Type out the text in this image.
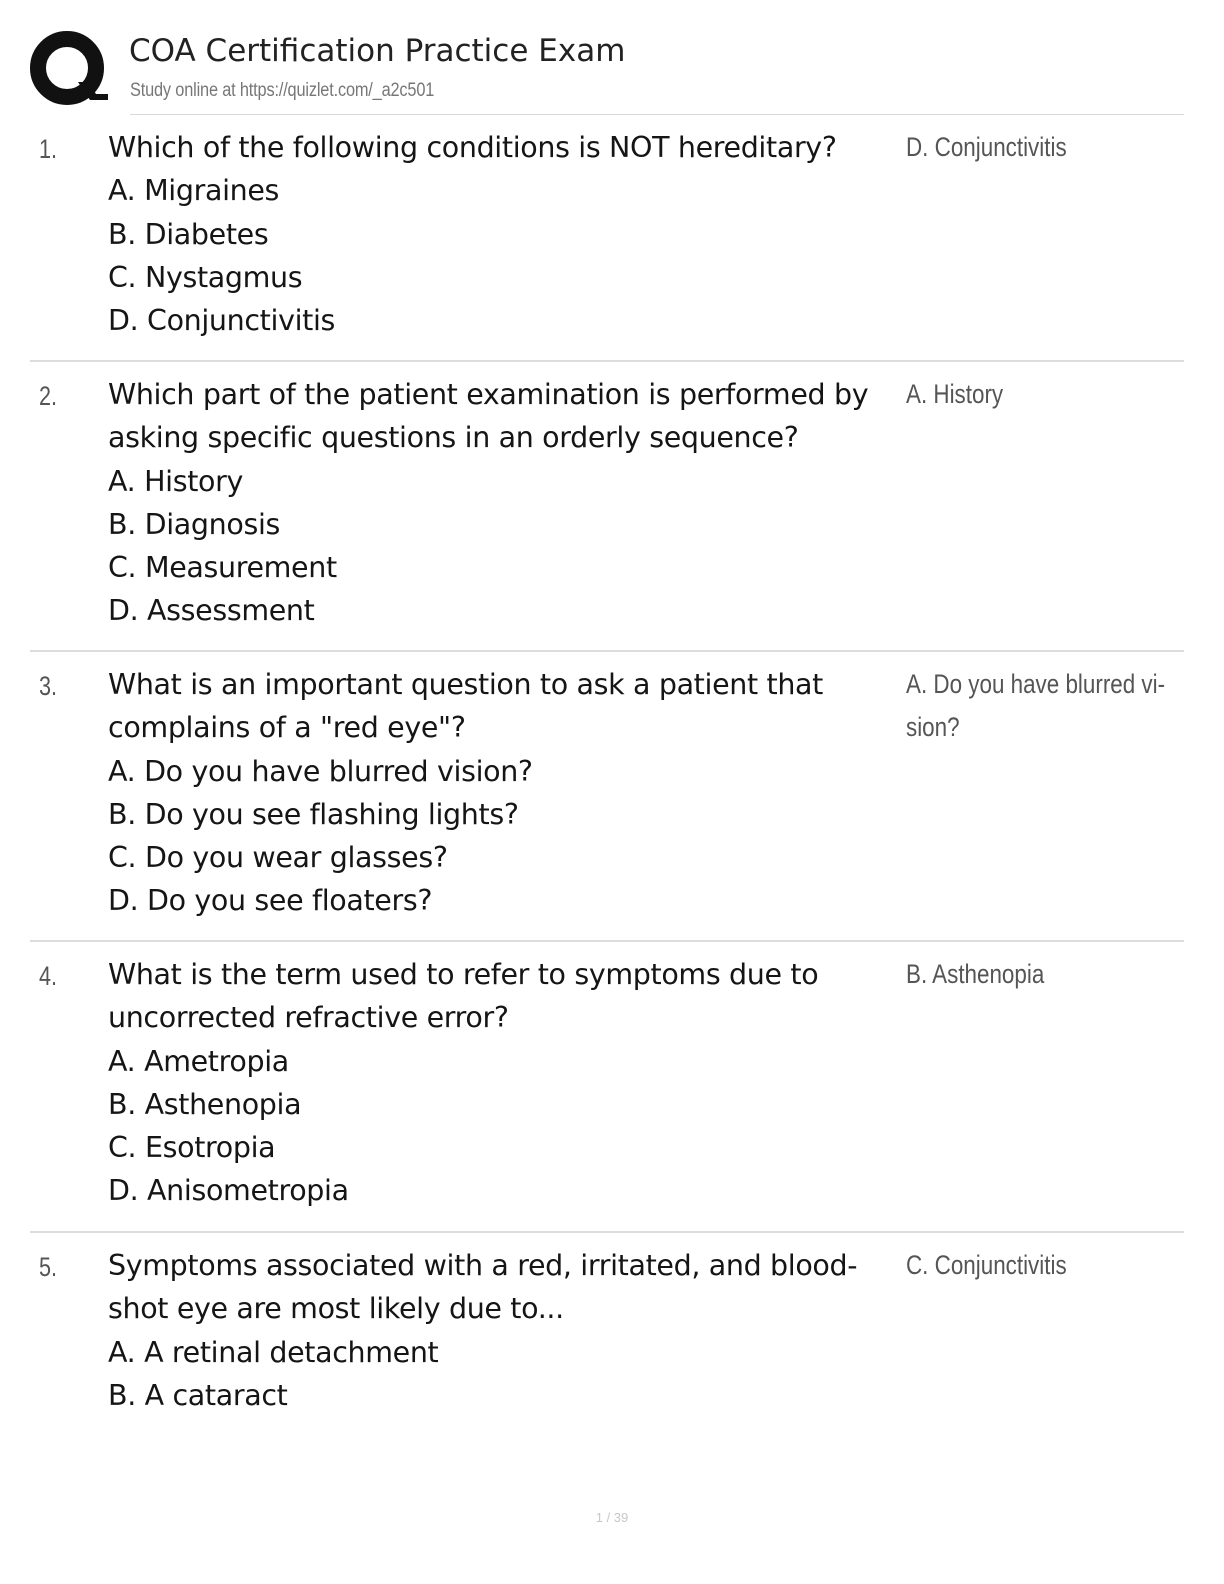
COA Certification Practice Exam
Study online at https://quizlet.com/_a2c501
1. Which of the following conditions is NOT hereditary?
A. Migraines
B. Diabetes
C. Nystagmus
D. Conjunctivitis
D. Conjunctivitis
2. Which part of the patient examination is performed by
asking specific questions in an orderly sequence?
A. History
B. Diagnosis
C. Measurement
D. Assessment
A. History
3. What is an important question to ask a patient that
complains of a "red eye"?
A. Do you have blurred vision?
B. Do you see flashing lights?
C. Do you wear glasses?
D. Do you see floaters?
A. Do you have blurred vi-
sion?
4. What is the term used to refer to symptoms due to
uncorrected refractive error?
A. Ametropia
B. Asthenopia
C. Esotropia
D. Anisometropia
B. Asthenopia
5. Symptoms associated with a red, irritated, and blood-
shot eye are most likely due to...
A. A retinal detachment
B. A cataract
C. Conjunctivitis
1 / 39
